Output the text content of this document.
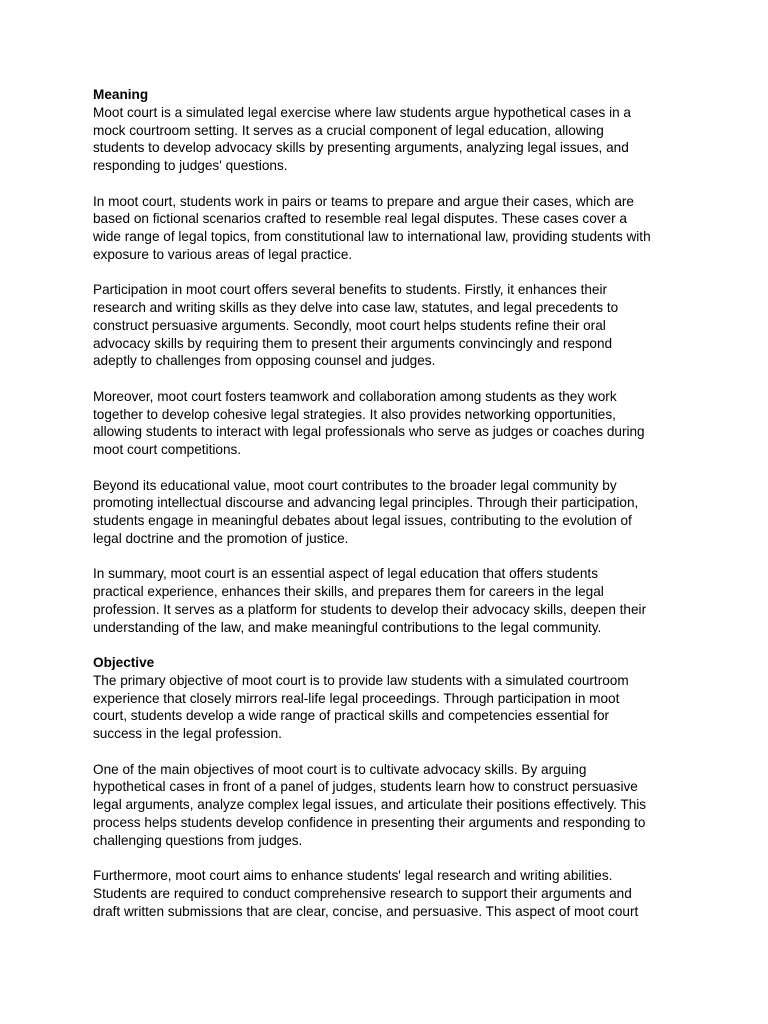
Meaning

Moot court is a simulated legal exercise where law students argue hypothetical cases in a
mock courtroom setting. It serves as a crucial component of legal education, allowing
students to develop advocacy skills by presenting arguments, analyzing legal issues, and
responding to judges' questions.

In moot court, students work in pairs or teams to prepare and argue their cases, which are
based on fictional scenarios crafted to resemble real legal disputes. These cases cover a
wide range of legal topics, from constitutional law to international law, providing students with
exposure to various areas of legal practice.

Participation in moot court offers several benefits to students. Firstly, it enhances their
research and writing skills as they delve into case law, statutes, and legal precedents to
construct persuasive arguments. Secondly, moot court helps students refine their oral
advocacy skills by requiring them to present their arguments convincingly and respond
adeptly to challenges from opposing counsel and judges.

Moreover, moot court fosters teamwork and collaboration among students as they work
together to develop cohesive legal strategies. It also provides networking opportunities,
allowing students to interact with legal professionals who serve as judges or coaches during
moot court competitions.

Beyond its educational value, moot court contributes to the broader legal community by
promoting intellectual discourse and advancing legal principles. Through their participation,
students engage in meaningful debates about legal issues, contributing to the evolution of
legal doctrine and the promotion of justice.

In summary, moot court is an essential aspect of legal education that offers students
practical experience, enhances their skills, and prepares them for careers in the legal
profession. It serves as a platform for students to develop their advocacy skills, deepen their
understanding of the law, and make meaningful contributions to the legal community.

Objective

The primary objective of moot court is to provide law students with a simulated courtroom
experience that closely mirrors real-life legal proceedings. Through participation in moot
court, students develop a wide range of practical skills and competencies essential for
success in the legal profession.

One of the main objectives of moot court is to cultivate advocacy skills. By arguing
hypothetical cases in front of a panel of judges, students learn how to construct persuasive
legal arguments, analyze complex legal issues, and articulate their positions effectively. This
process helps students develop confidence in presenting their arguments and responding to
challenging questions from judges.

Furthermore, moot court aims to enhance students' legal research and writing abilities.
Students are required to conduct comprehensive research to support their arguments and
draft written submissions that are clear, concise, and persuasive. This aspect of moot court
